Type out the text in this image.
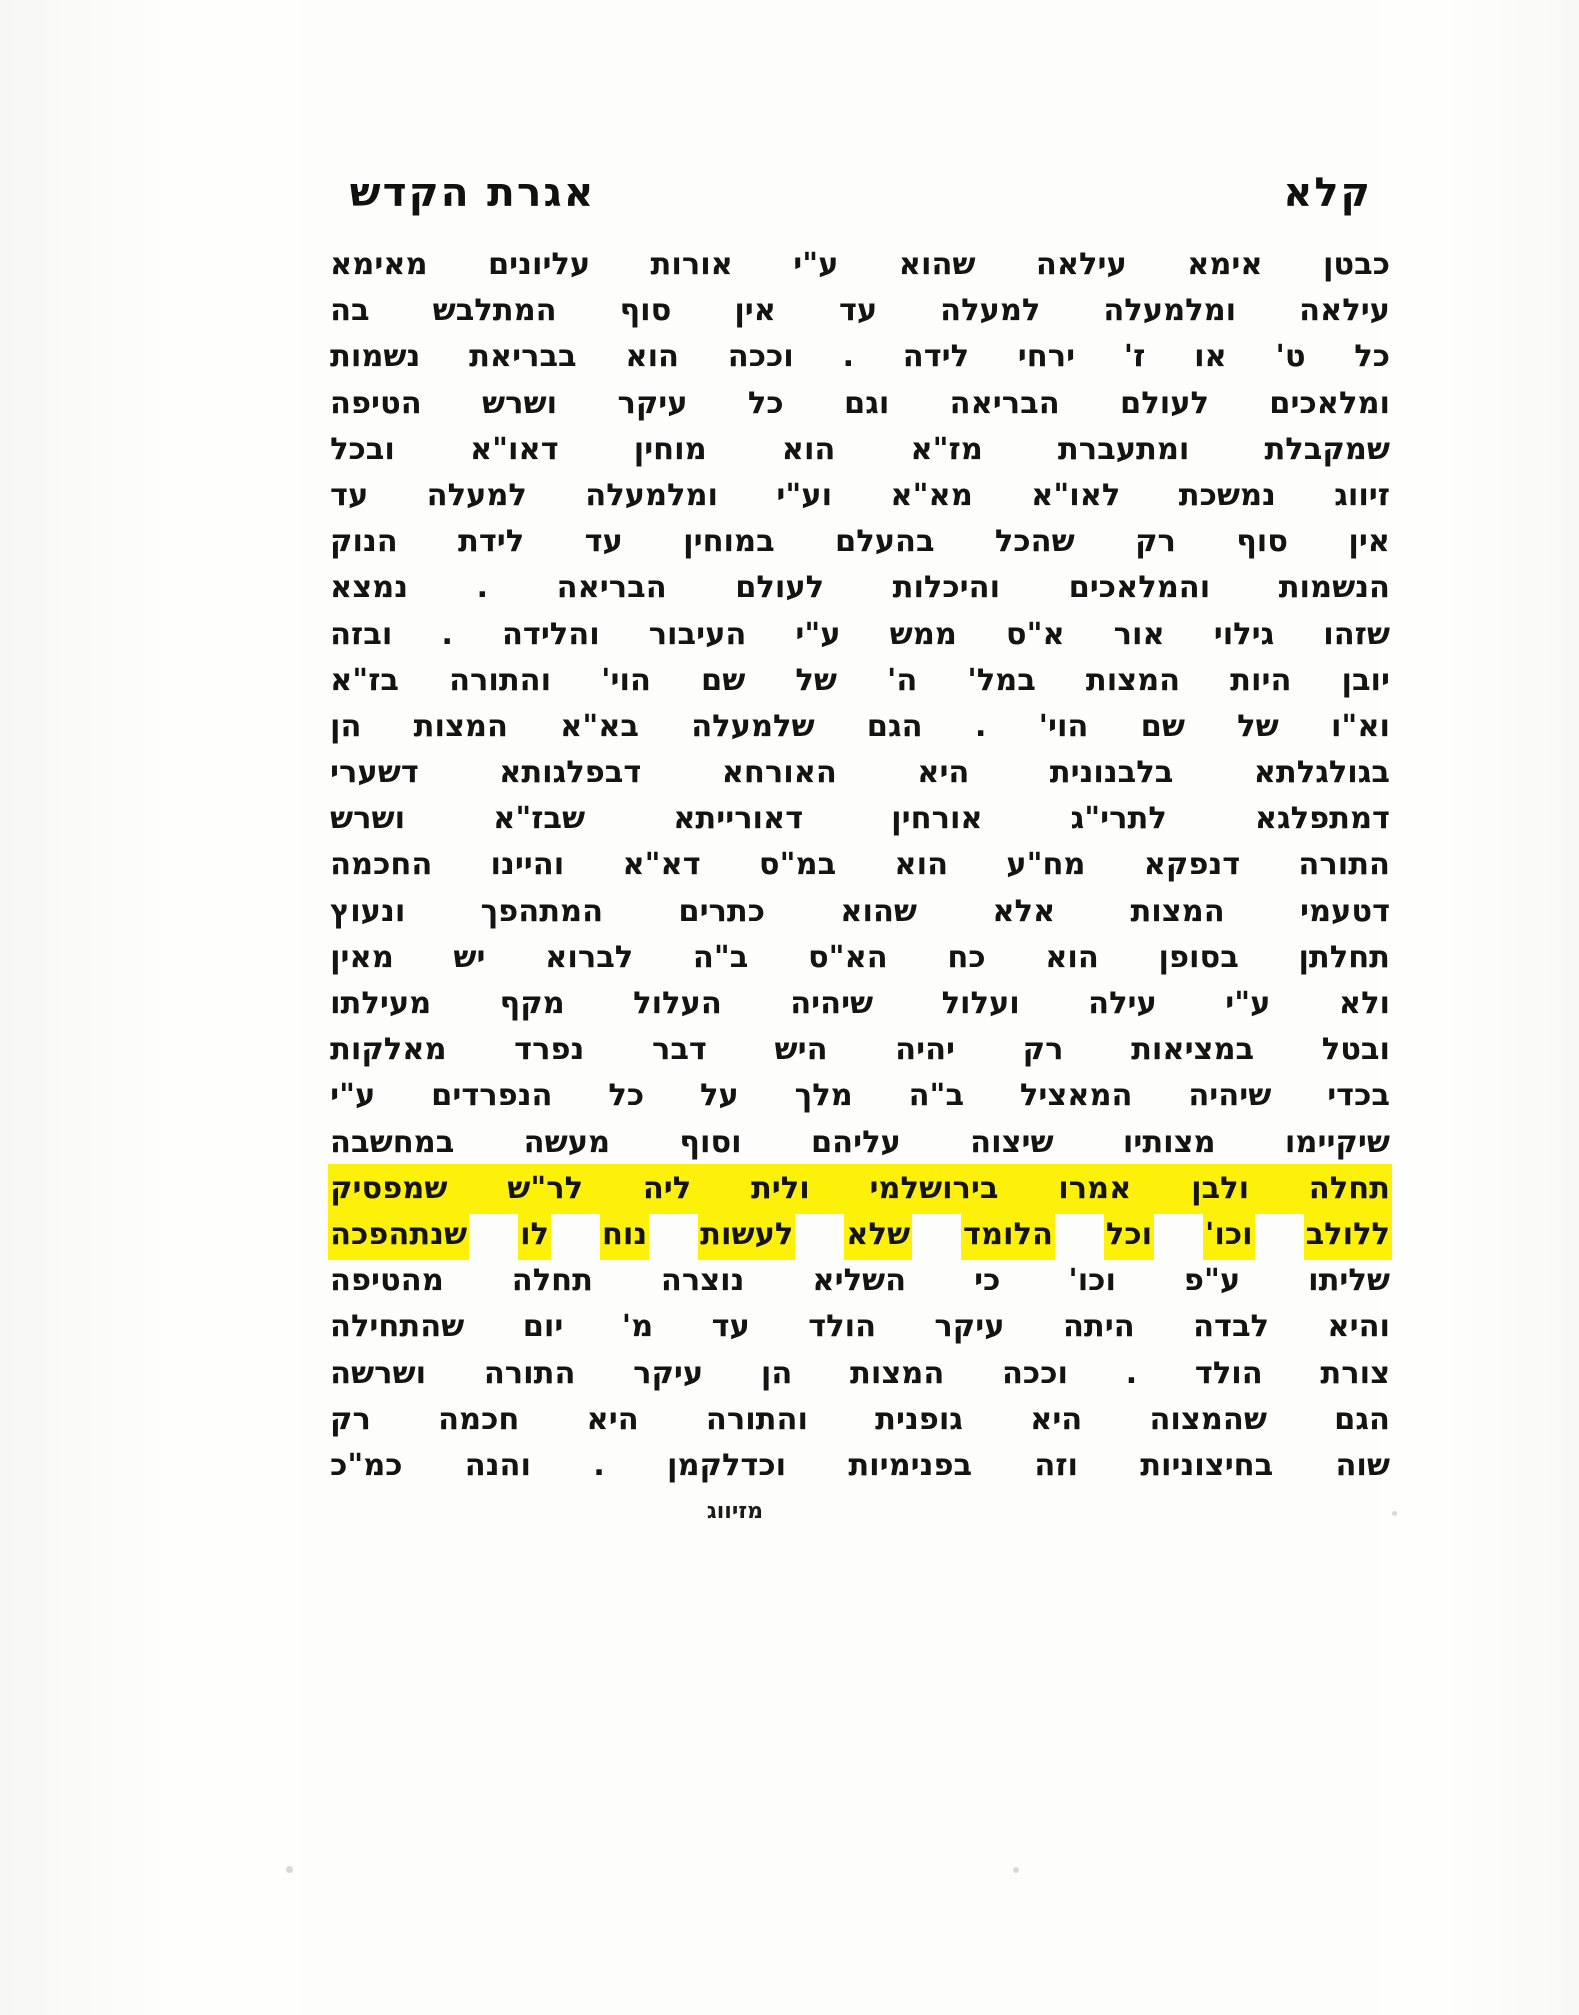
אגרת הקדש	קלא
כבטן
אימא
עילאה
שהוא
ע"י
אורות
עליונים
מאימא
עילאה
ומלמעלה
למעלה
עד
אין
סוף
המתלבש
בה
כל
ט'
או
ז'
ירחי
לידה
.
וככה
הוא
בבריאת
נשמות
ומלאכים
לעולם
הבריאה
וגם
כל
עיקר
ושרש
הטיפה
שמקבלת
ומתעברת
מז"א
הוא
מוחין
דאו"א
ובכל
זיווג
נמשכת
לאו"א
מא"א
וע"י
ומלמעלה
למעלה
עד
אין
סוף
רק
שהכל
בהעלם
במוחין
עד
לידת
הנוק
הנשמות
והמלאכים
והיכלות
לעולם
הבריאה
.
נמצא
שזהו
גילוי
אור
א"ס
ממש
ע"י
העיבור
והלידה
.
ובזה
יובן
היות
המצות
במל'
ה'
של
שם
הוי'
והתורה
בז"א
וא"ו
של
שם
הוי'
.
הגם
שלמעלה
בא"א
המצות
הן
בגולגלתא
בלבנונית
היא
האורחא
דבפלגותא
דשערי
דמתפלגא
לתרי"ג
אורחין
דאורייתא
שבז"א
ושרש
התורה
דנפקא
מח"ע
הוא
במ"ס
דא"א
והיינו
החכמה
דטעמי
המצות
אלא
שהוא
כתרים
המתהפך
ונעוץ
תחלתן
בסופן
הוא
כח
הא"ס
ב"ה
לברוא
יש
מאין
ולא
ע"י
עילה
ועלול
שיהיה
העלול
מקף
מעילתו
ובטל
במציאות
רק
יהיה
היש
דבר
נפרד
מאלקות
בכדי
שיהיה
המאציל
ב"ה
מלך
על
כל
הנפרדים
ע"י
שיקיימו
מצותיו
שיצוה
עליהם
וסוף
מעשה
במחשבה
תחלה
ולבן
אמרו
בירושלמי
ולית
ליה
לר"ש
שמפסיק
ללולב
וכו'
וכל
הלומד
שלא
לעשות
נוח
לו
שנתהפכה
שליתו
ע"פ
וכו'
כי
השליא
נוצרה
תחלה
מהטיפה
והיא
לבדה
היתה
עיקר
הולד
עד
מ'
יום
שהתחילה
צורת
הולד
.
וככה
המצות
הן
עיקר
התורה
ושרשה
הגם
שהמצוה
היא
גופנית
והתורה
היא
חכמה
רק
שוה
בחיצוניות
וזה
בפנימיות
וכדלקמן
.
והנה
כמ"כ
מזיווג
